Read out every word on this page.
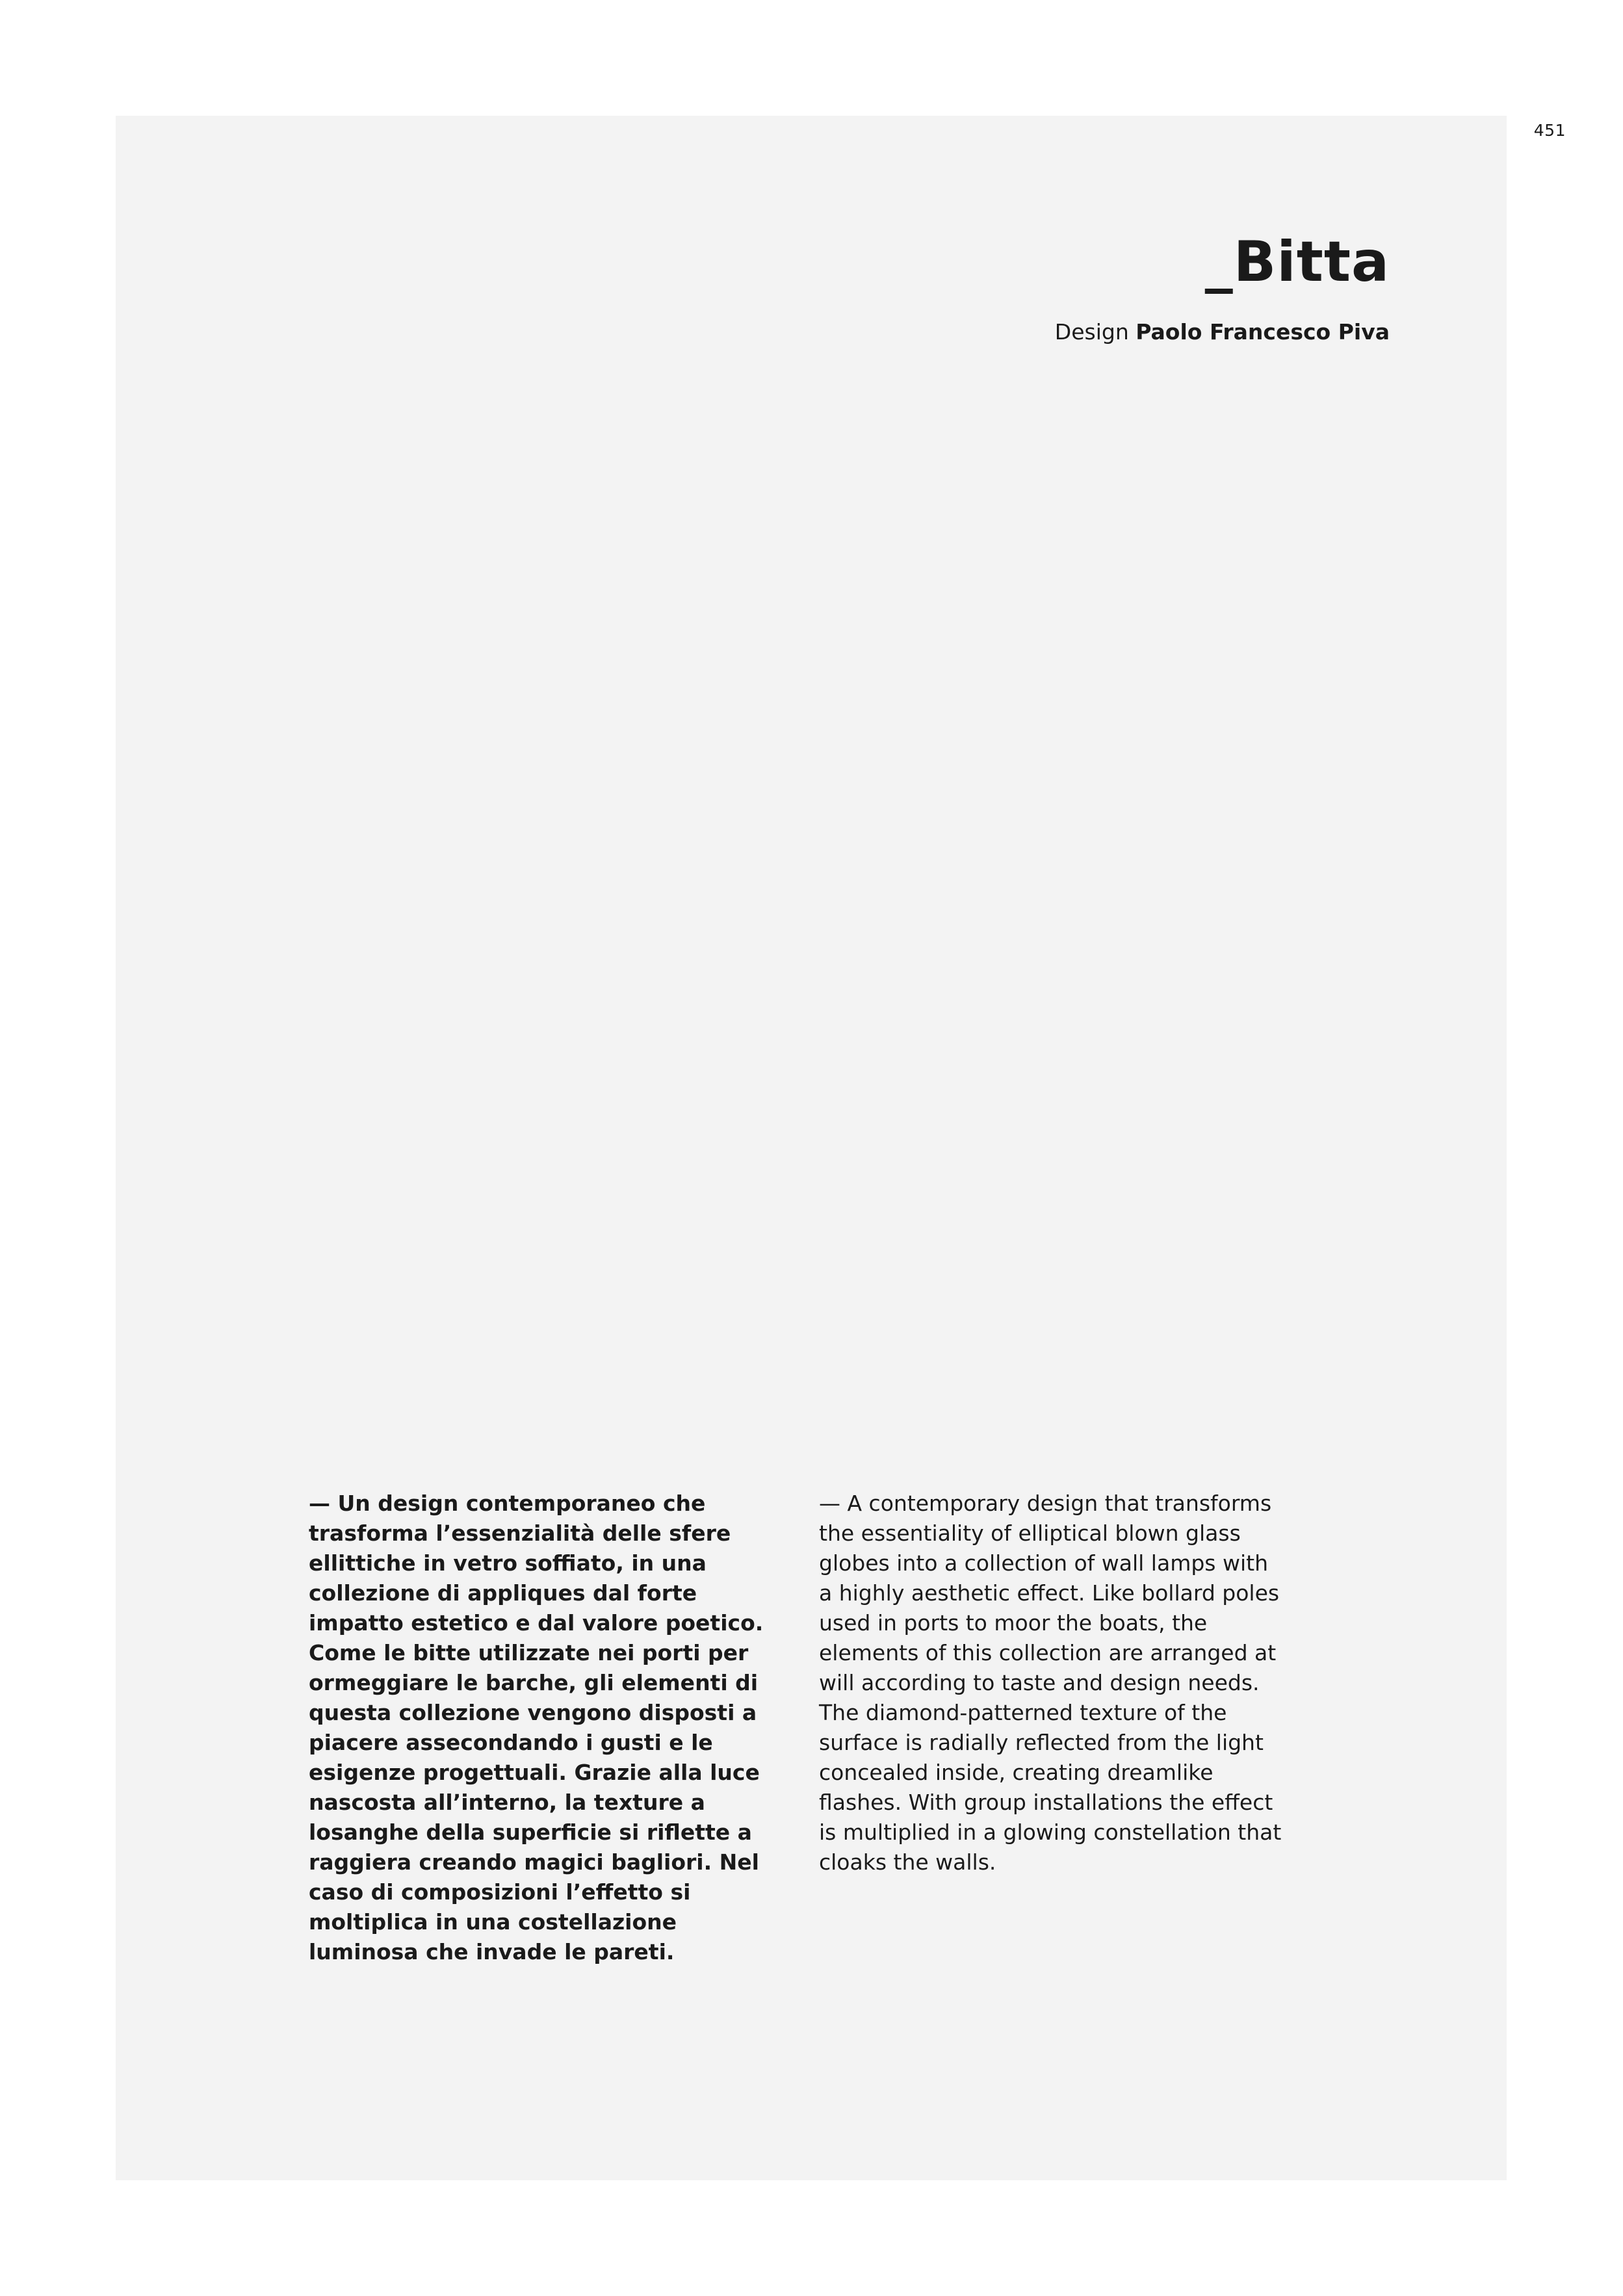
451
_Bitta
Design Paolo Francesco Piva

— Un design contemporaneo che trasforma l’essenzialità delle sfere ellittiche in vetro soffiato, in una collezione di appliques dal forte impatto estetico e dal valore poetico. Come le bitte utilizzate nei porti per ormeggiare le barche, gli elementi di questa collezione vengono disposti a piacere assecondando i gusti e le esigenze progettuali. Grazie alla luce nascosta all’interno, la texture a losanghe della superficie si riflette a raggiera creando magici bagliori. Nel caso di composizioni l’effetto si moltiplica in una costellazione luminosa che invade le pareti.

— A contemporary design that transforms the essentiality of elliptical blown glass globes into a collection of wall lamps with a highly aesthetic effect. Like bollard poles used in ports to moor the boats, the elements of this collection are arranged at will according to taste and design needs. The diamond-patterned texture of the surface is radially reflected from the light concealed inside, creating dreamlike flashes. With group installations the effect is multiplied in a glowing constellation that cloaks the walls.
